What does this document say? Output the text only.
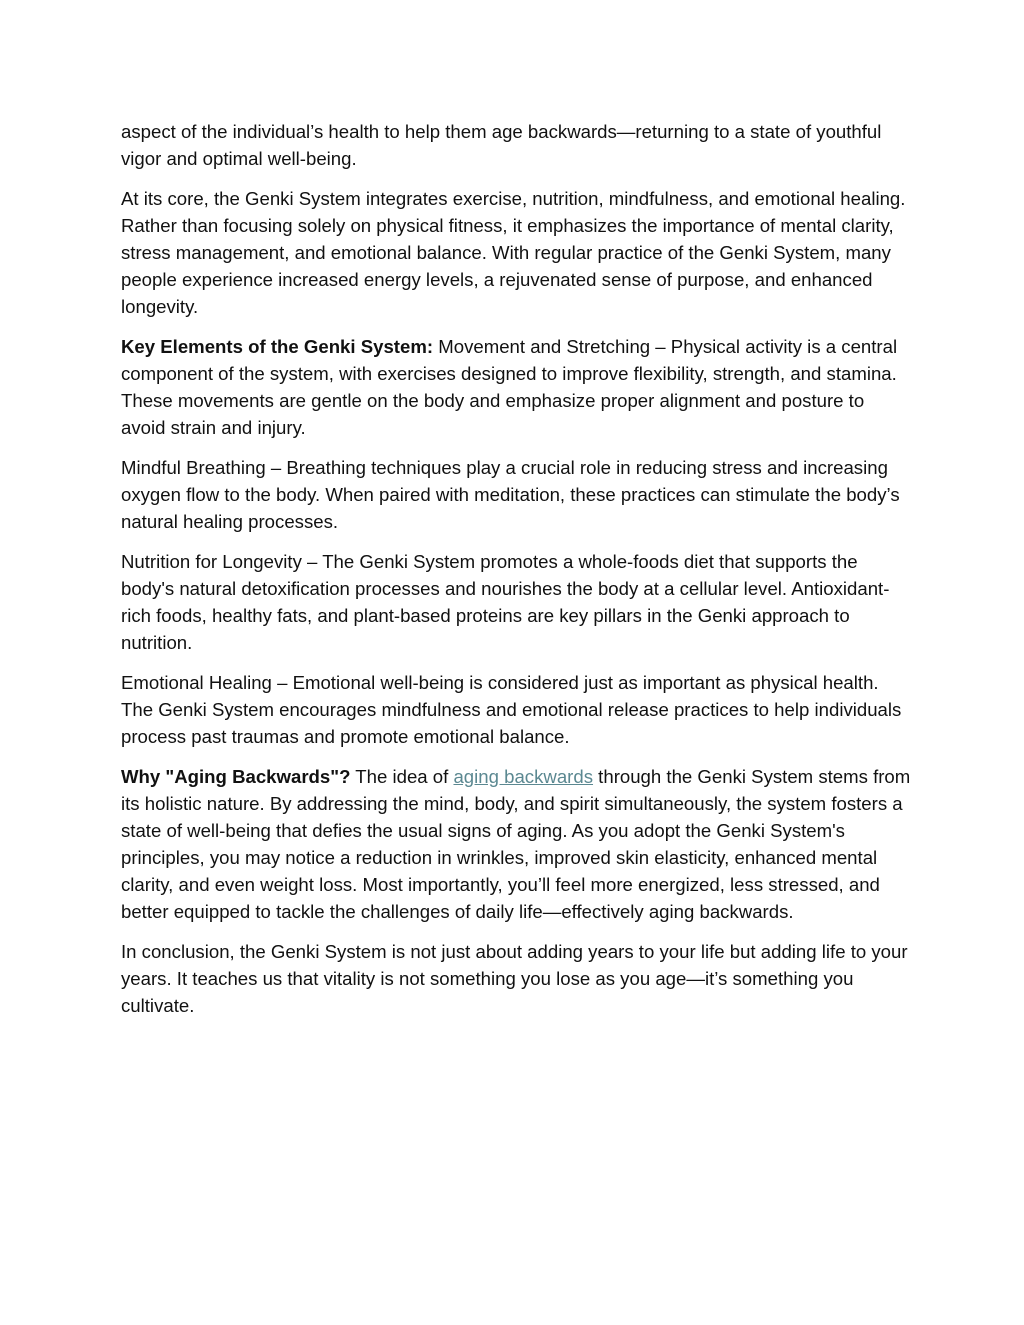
aspect of the individual’s health to help them age backwards—returning to a state of youthful vigor and optimal well-being.

At its core, the Genki System integrates exercise, nutrition, mindfulness, and emotional healing. Rather than focusing solely on physical fitness, it emphasizes the importance of mental clarity, stress management, and emotional balance. With regular practice of the Genki System, many people experience increased energy levels, a rejuvenated sense of purpose, and enhanced longevity.

Key Elements of the Genki System: Movement and Stretching – Physical activity is a central component of the system, with exercises designed to improve flexibility, strength, and stamina. These movements are gentle on the body and emphasize proper alignment and posture to avoid strain and injury.

Mindful Breathing – Breathing techniques play a crucial role in reducing stress and increasing oxygen flow to the body. When paired with meditation, these practices can stimulate the body’s natural healing processes.

Nutrition for Longevity – The Genki System promotes a whole-foods diet that supports the body's natural detoxification processes and nourishes the body at a cellular level. Antioxidant-rich foods, healthy fats, and plant-based proteins are key pillars in the Genki approach to nutrition.

Emotional Healing – Emotional well-being is considered just as important as physical health. The Genki System encourages mindfulness and emotional release practices to help individuals process past traumas and promote emotional balance.

Why "Aging Backwards"? The idea of aging backwards through the Genki System stems from its holistic nature. By addressing the mind, body, and spirit simultaneously, the system fosters a state of well-being that defies the usual signs of aging. As you adopt the Genki System's principles, you may notice a reduction in wrinkles, improved skin elasticity, enhanced mental clarity, and even weight loss. Most importantly, you’ll feel more energized, less stressed, and better equipped to tackle the challenges of daily life—effectively aging backwards.

In conclusion, the Genki System is not just about adding years to your life but adding life to your years. It teaches us that vitality is not something you lose as you age—it’s something you cultivate.
